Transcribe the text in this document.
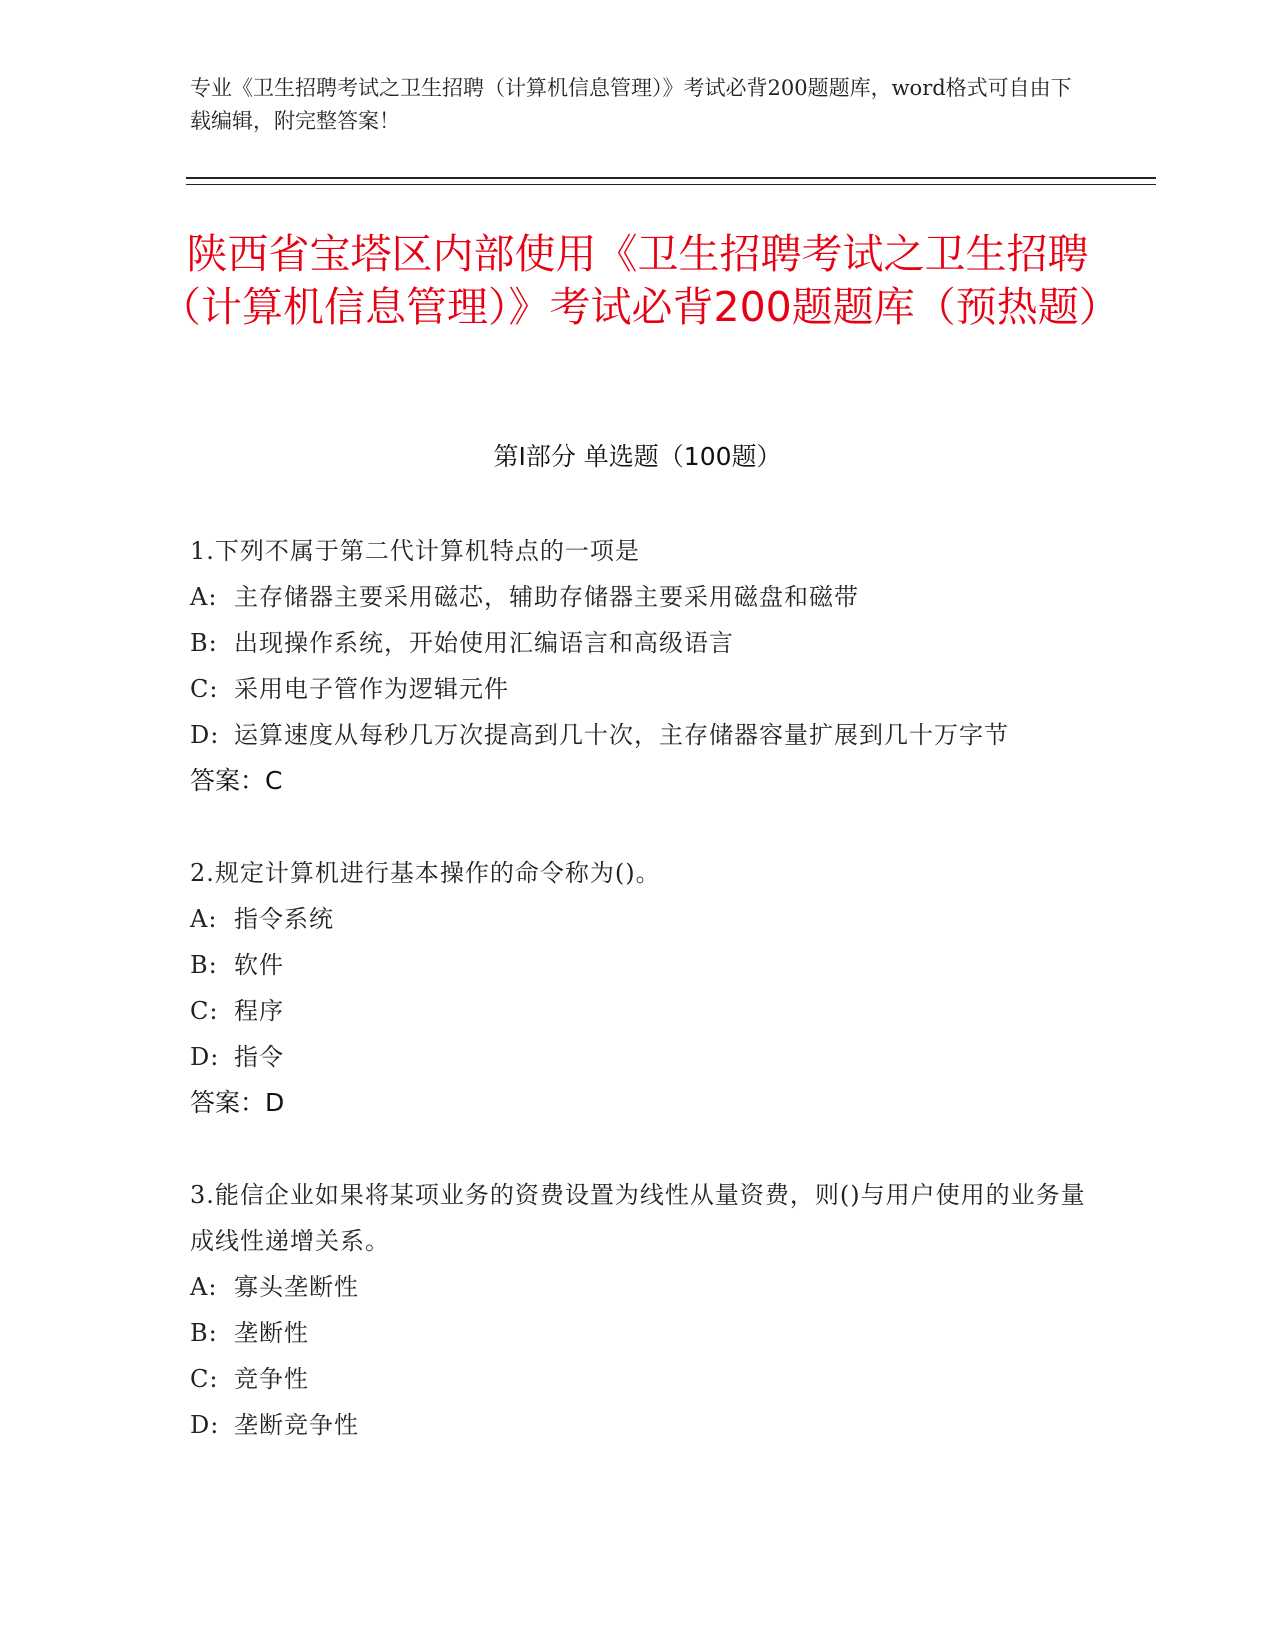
专业《卫生招聘考试之卫生招聘（计算机信息管理）》考试必背200题题库，word格式可自由下载编辑，附完整答案！
陕西省宝塔区内部使用《卫生招聘考试之卫生招聘（计算机信息管理）》考试必背200题题库（预热题）
第Ⅰ部分 单选题（100题）
1.下列不属于第二代计算机特点的一项是
A: 主存储器主要采用磁芯，辅助存储器主要采用磁盘和磁带
B: 出现操作系统，开始使用汇编语言和高级语言
C: 采用电子管作为逻辑元件
D: 运算速度从每秒几万次提高到几十次，主存储器容量扩展到几十万字节
答案：C
2.规定计算机进行基本操作的命令称为()。
A: 指令系统
B: 软件
C: 程序
D: 指令
答案：D
3.能信企业如果将某项业务的资费设置为线性从量资费，则()与用户使用的业务量成线性递增关系。
A: 寡头垄断性
B: 垄断性
C: 竞争性
D: 垄断竞争性
